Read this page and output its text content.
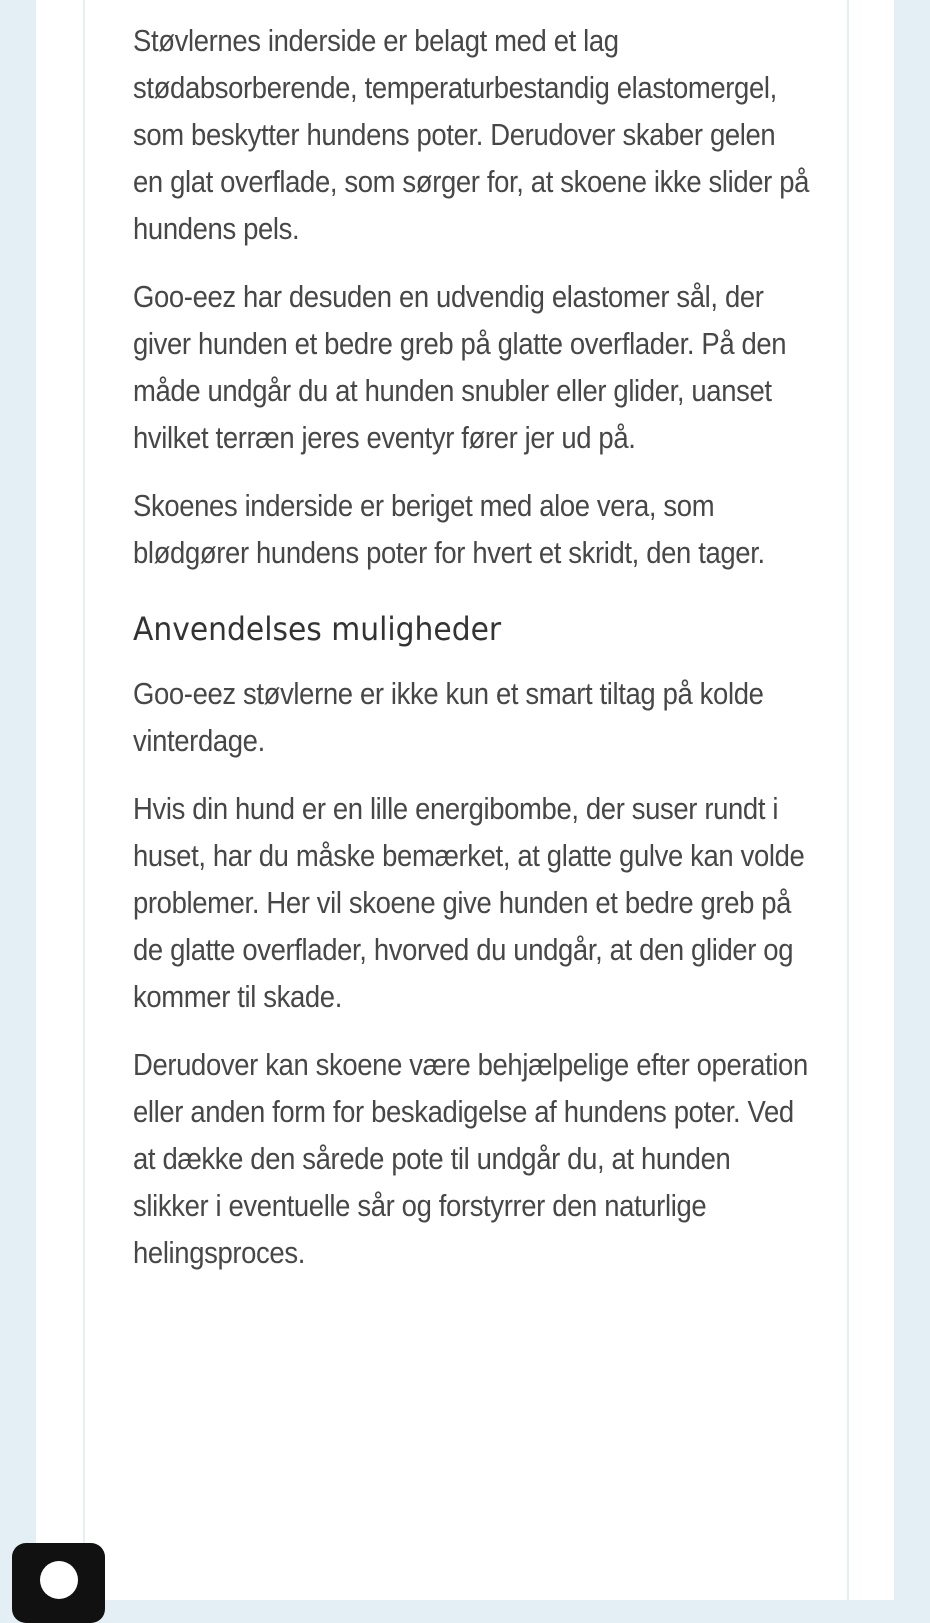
Støvlernes inderside er belagt med et lag stødabsorberende, temperaturbestandig elastomergel, som beskytter hundens poter. Derudover skaber gelen en glat overflade, som sørger for, at skoene ikke slider på hundens pels.

Goo-eez har desuden en udvendig elastomer sål, der giver hunden et bedre greb på glatte overflader. På den måde undgår du at hunden snubler eller glider, uanset hvilket terræn jeres eventyr fører jer ud på.

Skoenes inderside er beriget med aloe vera, som blødgører hundens poter for hvert et skridt, den tager.

Anvendelses muligheder

Goo-eez støvlerne er ikke kun et smart tiltag på kolde vinterdage.

Hvis din hund er en lille energibombe, der suser rundt i huset, har du måske bemærket, at glatte gulve kan volde problemer. Her vil skoene give hunden et bedre greb på de glatte overflader, hvorved du undgår, at den glider og kommer til skade.

Derudover kan skoene være behjælpelige efter operation eller anden form for beskadigelse af hundens poter. Ved at dække den sårede pote til undgår du, at hunden slikker i eventuelle sår og forstyrrer den naturlige helingsproces.
